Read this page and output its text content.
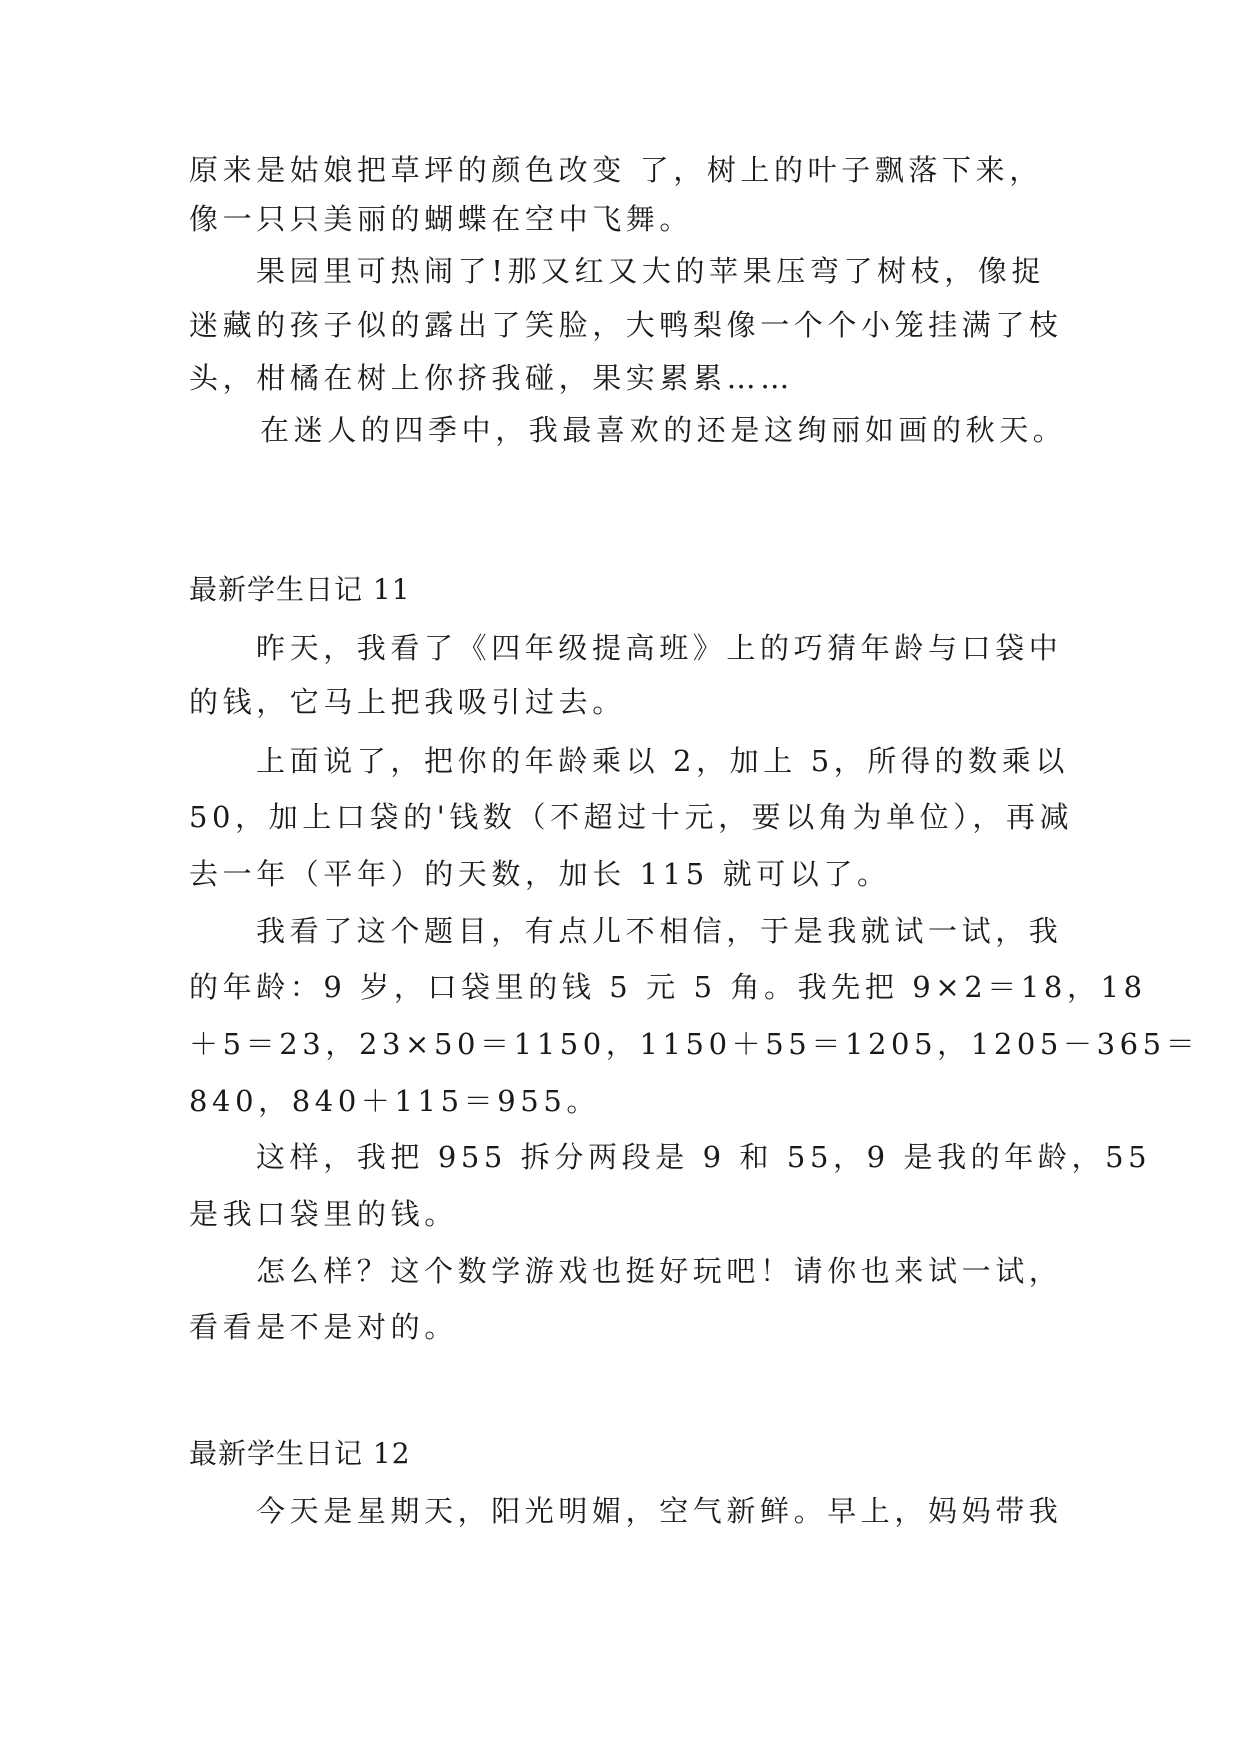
原来是姑娘把草坪的颜色改变 了，树上的叶子飘落下来，
像一只只美丽的蝴蝶在空中飞舞。
果园里可热闹了!那又红又大的苹果压弯了树枝，像捉
迷藏的孩子似的露出了笑脸，大鸭梨像一个个小笼挂满了枝
头，柑橘在树上你挤我碰，果实累累……
在迷人的四季中，我最喜欢的还是这绚丽如画的秋天。
最新学生日记 11
昨天，我看了《四年级提高班》上的巧猜年龄与口袋中
的钱，它马上把我吸引过去。
上面说了，把你的年龄乘以 2，加上 5，所得的数乘以
50，加上口袋的'钱数（不超过十元，要以角为单位），再减
去一年（平年）的天数，加长 115 就可以了。
我看了这个题目，有点儿不相信，于是我就试一试，我
的年龄：9 岁，口袋里的钱 5 元 5 角。我先把 9×2＝18，18
＋5＝23，23×50＝1150，1150＋55＝1205，1205－365＝
840，840＋115＝955。
这样，我把 955 拆分两段是 9 和 55，9 是我的年龄，55
是我口袋里的钱。
怎么样？这个数学游戏也挺好玩吧！请你也来试一试，
看看是不是对的。
最新学生日记 12
今天是星期天，阳光明媚，空气新鲜。早上，妈妈带我
